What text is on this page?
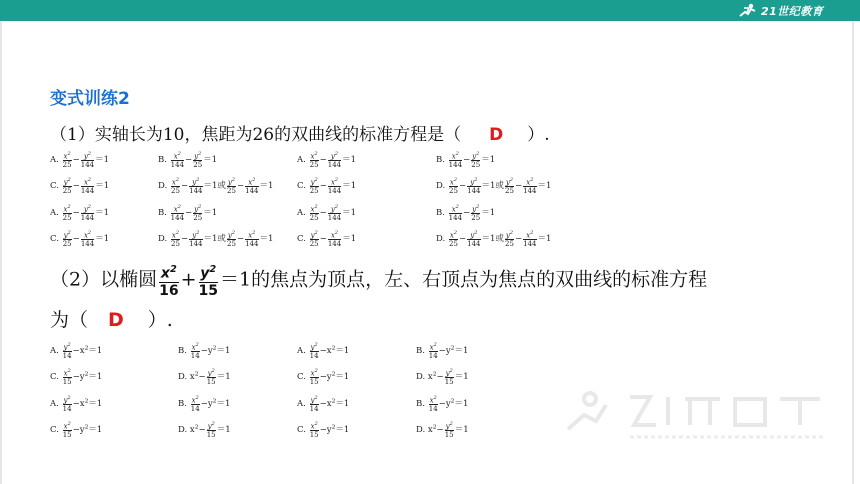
21世纪教育
变式训练2
（1）实轴长为10，焦距为26的双曲线的标准方程是（ D ）.
A. $\frac{x^2}{25} - \frac{y^2}{144} =1$	B. $\frac{x^2}{144} - \frac{y^2}{25} =1$	A. $\frac{x^2}{25} - \frac{y^2}{144} =1$	B. $\frac{x^2}{144} - \frac{y^2}{25} =1$
C. $\frac{y^2}{25} - \frac{x^2}{144} =1$	D. $\frac{x^2}{25} - \frac{y^2}{144} =1$或 $\frac{y^2}{25} - \frac{x^2}{144} =1$	C. $\frac{y^2}{25} - \frac{x^2}{144} =1$	D. $\frac{x^2}{25} - \frac{y^2}{144} =1$或 $\frac{y^2}{25} - \frac{x^2}{144} =1$
A. $\frac{x^2}{25} - \frac{y^2}{144} =1$	B. $\frac{x^2}{144} - \frac{y^2}{25} =1$	A. $\frac{x^2}{25} - \frac{y^2}{144} =1$	B. $\frac{x^2}{144} - \frac{y^2}{25} =1$
C. $\frac{y^2}{25} - \frac{x^2}{144} =1$	D. $\frac{x^2}{25} - \frac{y^2}{144} =1$或 $\frac{y^2}{25} - \frac{x^2}{144} =1$	C. $\frac{y^2}{25} - \frac{x^2}{144} =1$	D. $\frac{x^2}{25} - \frac{y^2}{144} =1$或 $\frac{y^2}{25} - \frac{x^2}{144} =1$
（2）以椭圆 $\frac{x^2}{16} + \frac{y^2}{15} =1$的焦点为顶点，左、右顶点为焦点的双曲线的标准方程
为（ D ）.
A. $\frac{y^2}{14} -x^2=1$	B. $\frac{x^2}{14} -y^2=1$	A. $\frac{y^2}{14} -x^2=1$	B. $\frac{x^2}{14} -y^2=1$
C. $\frac{x^2}{15} -y^2=1$	D. $x^2- \frac{y^2}{15} =1$	C. $\frac{x^2}{15} -y^2=1$	D. $x^2- \frac{y^2}{15} =1$
A. $\frac{y^2}{14} -x^2=1$	B. $\frac{x^2}{14} -y^2=1$	A. $\frac{y^2}{14} -x^2=1$	B. $\frac{x^2}{14} -y^2=1$
C. $\frac{x^2}{15} -y^2=1$	D. $x^2- \frac{y^2}{15} =1$	C. $\frac{x^2}{15} -y^2=1$	D. $x^2- \frac{y^2}{15} =1$
